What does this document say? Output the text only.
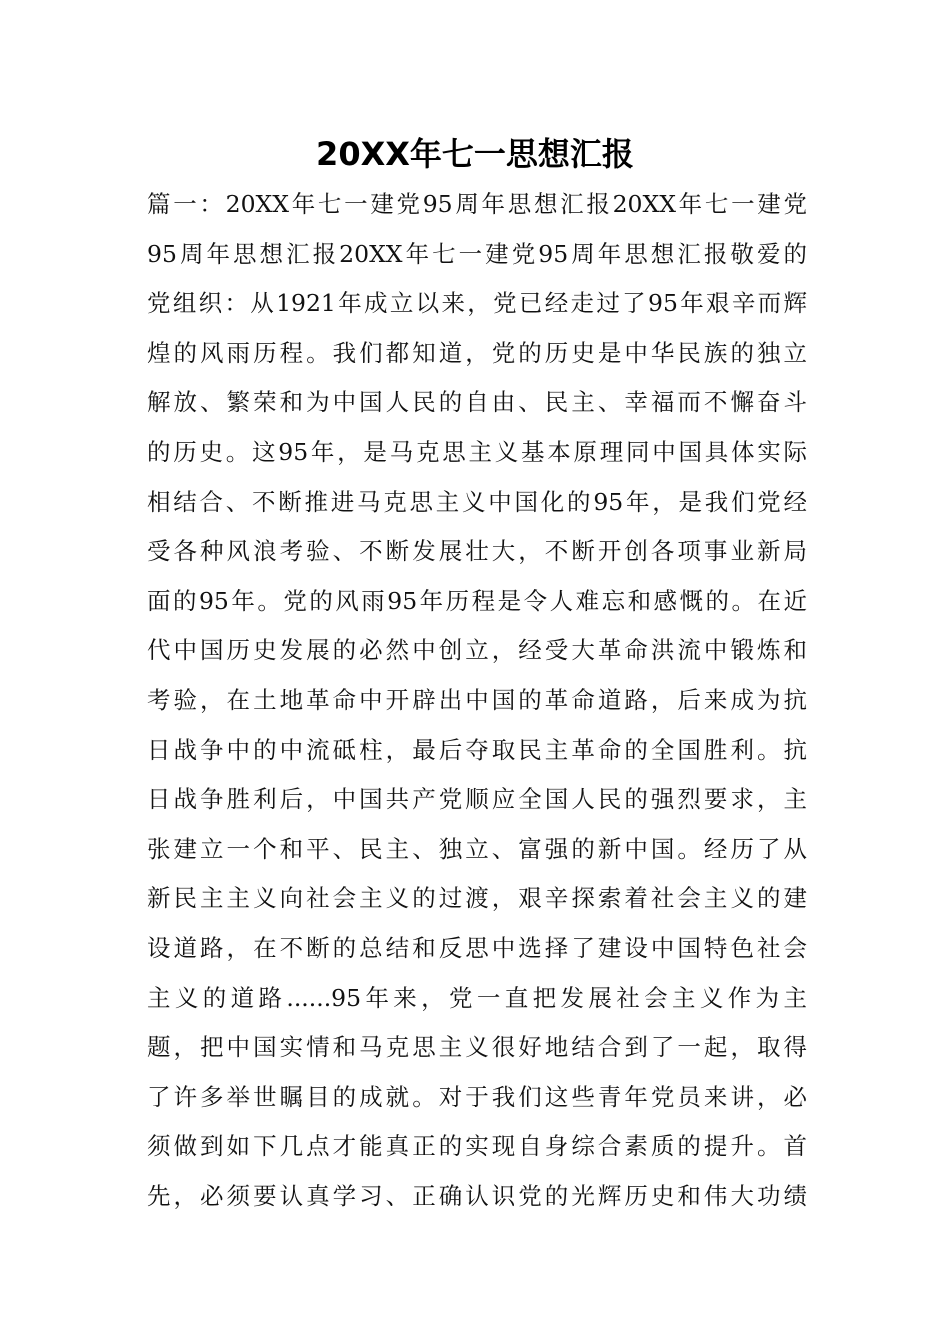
20XX年七一思想汇报
篇一：20XX年七一建党95周年思想汇报20XX年七一建党
95周年思想汇报20XX年七一建党95周年思想汇报敬爱的
党组织：从1921年成立以来，党已经走过了95年艰辛而辉
煌的风雨历程。我们都知道，党的历史是中华民族的独立
解放、繁荣和为中国人民的自由、民主、幸福而不懈奋斗
的历史。这95年，是马克思主义基本原理同中国具体实际
相结合、不断推进马克思主义中国化的95年，是我们党经
受各种风浪考验、不断发展壮大，不断开创各项事业新局
面的95年。党的风雨95年历程是令人难忘和感慨的。在近
代中国历史发展的必然中创立，经受大革命洪流中锻炼和
考验，在土地革命中开辟出中国的革命道路，后来成为抗
日战争中的中流砥柱，最后夺取民主革命的全国胜利。抗
日战争胜利后，中国共产党顺应全国人民的强烈要求，主
张建立一个和平、民主、独立、富强的新中国。经历了从
新民主主义向社会主义的过渡，艰辛探索着社会主义的建
设道路，在不断的总结和反思中选择了建设中国特色社会
主义的道路......95年来，党一直把发展社会主义作为主
题，把中国实情和马克思主义很好地结合到了一起，取得
了许多举世瞩目的成就。对于我们这些青年党员来讲，必
须做到如下几点才能真正的实现自身综合素质的提升。首
先，必须要认真学习、正确认识党的光辉历史和伟大功绩
